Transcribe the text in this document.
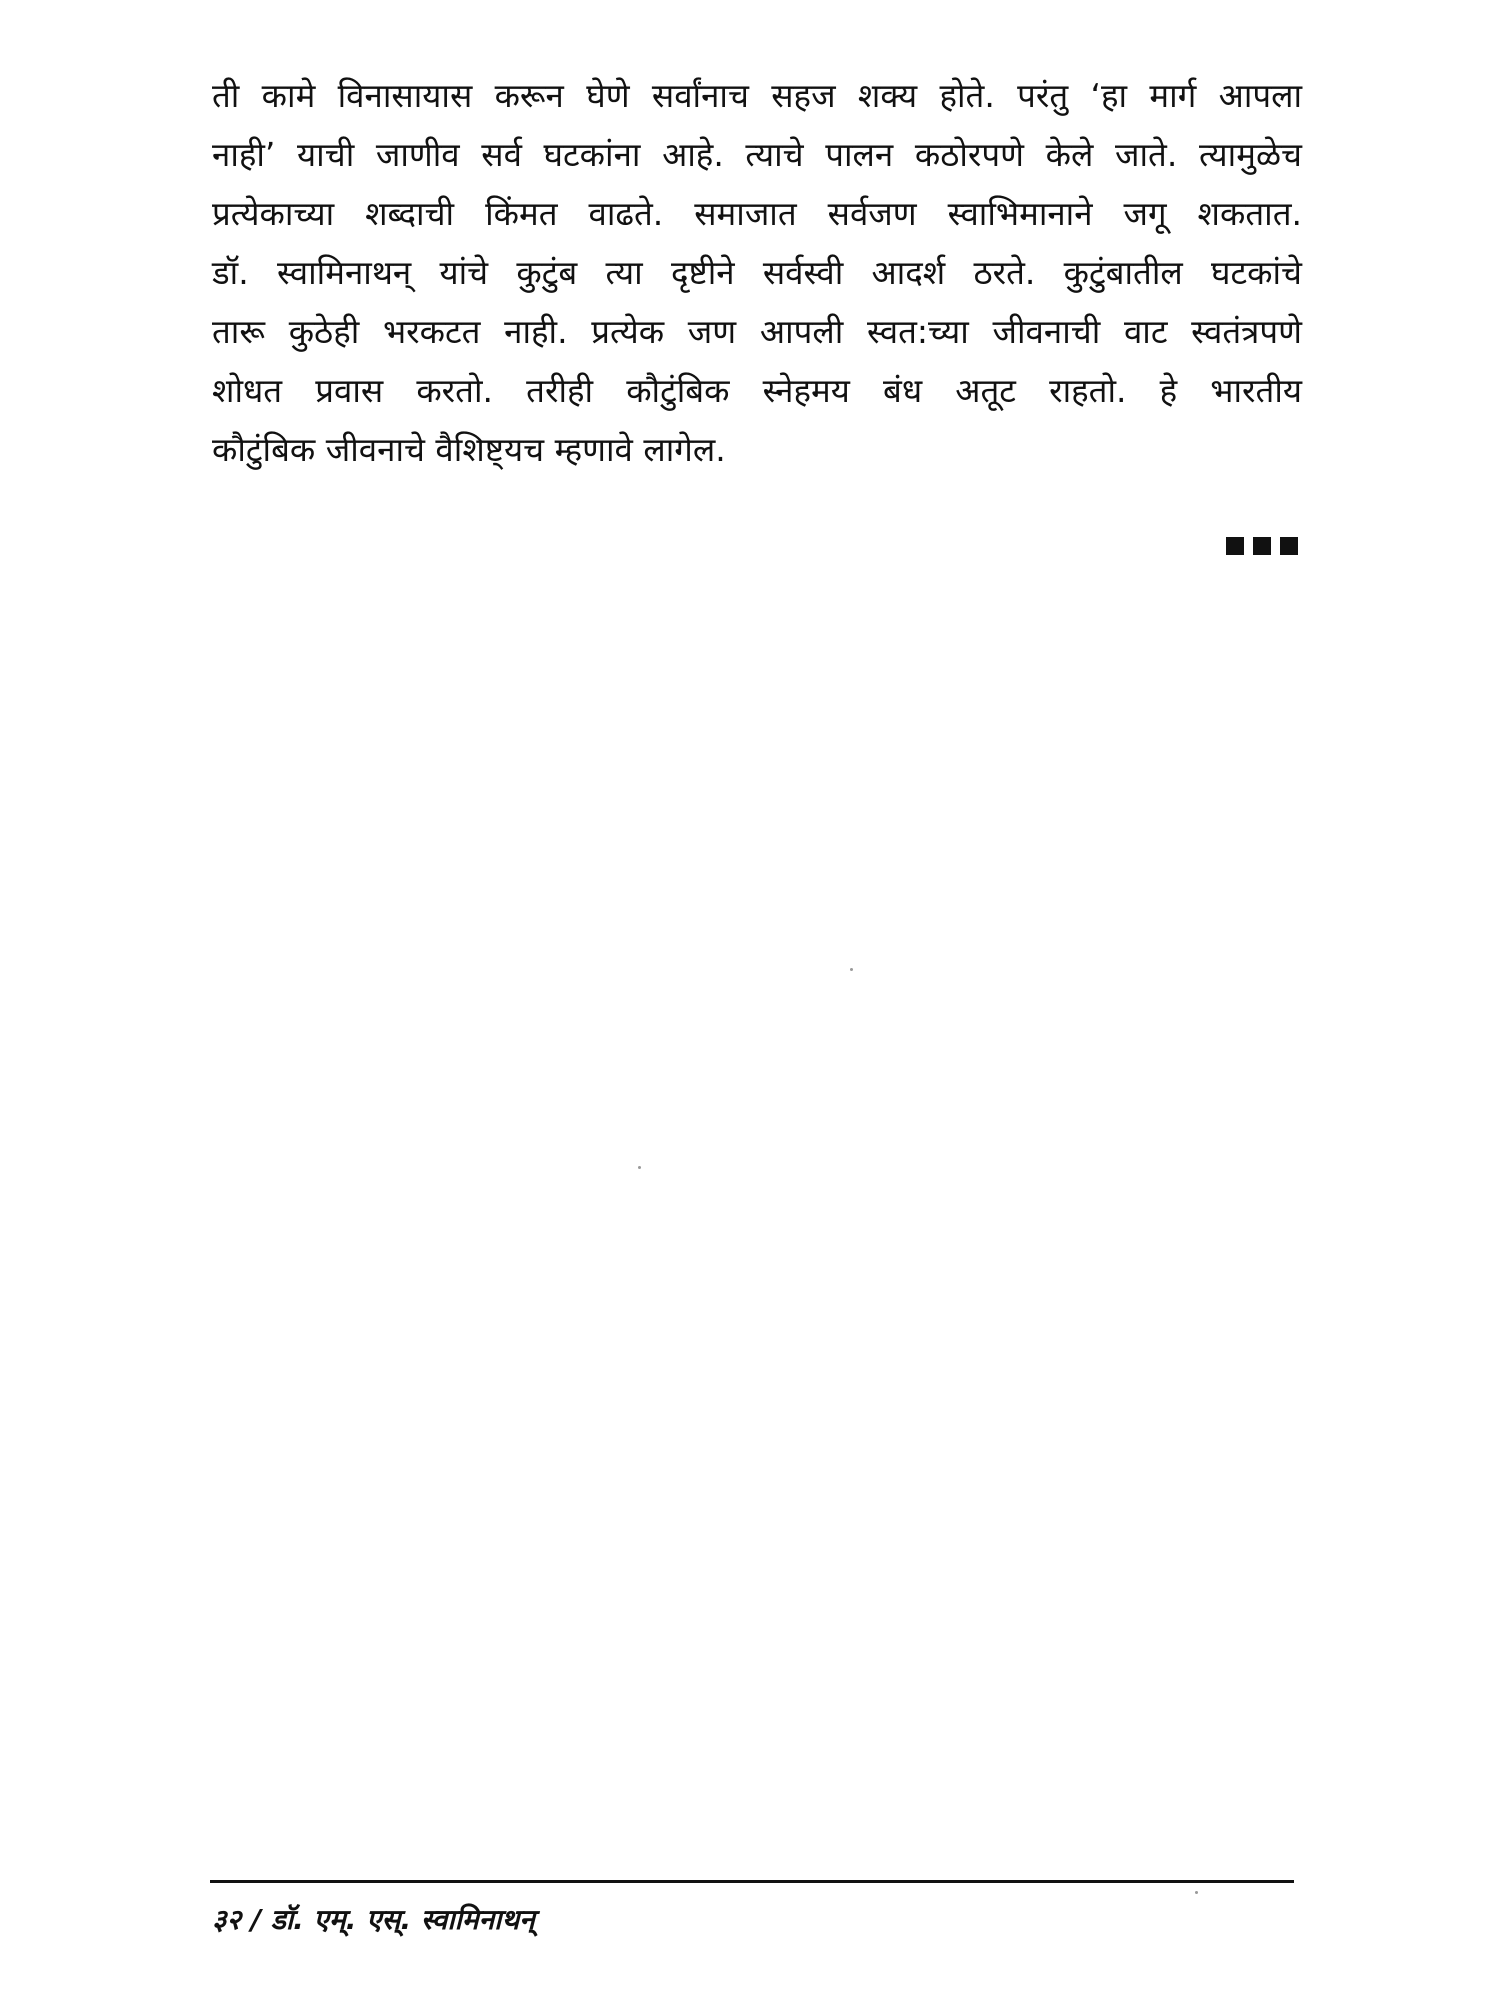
ती कामे विनासायास करून घेणे सर्वांनाच सहज शक्य होते. परंतु ‘हा मार्ग आपला
नाही’ याची जाणीव सर्व घटकांना आहे. त्याचे पालन कठोरपणे केले जाते. त्यामुळेच
प्रत्येकाच्या शब्दाची किंमत वाढते. समाजात सर्वजण स्वाभिमानाने जगू शकतात.
डॉ. स्वामिनाथन् यांचे कुटुंब त्या दृष्टीने सर्वस्वी आदर्श ठरते. कुटुंबातील घटकांचे
तारू कुठेही भरकटत नाही. प्रत्येक जण आपली स्वत:च्या जीवनाची वाट स्वतंत्रपणे
शोधत प्रवास करतो. तरीही कौटुंबिक स्नेहमय बंध अतूट राहतो. हे भारतीय
कौटुंबिक जीवनाचे वैशिष्ट्यच म्हणावे लागेल.
३२ / डॉ. एम्. एस्. स्वामिनाथन्
